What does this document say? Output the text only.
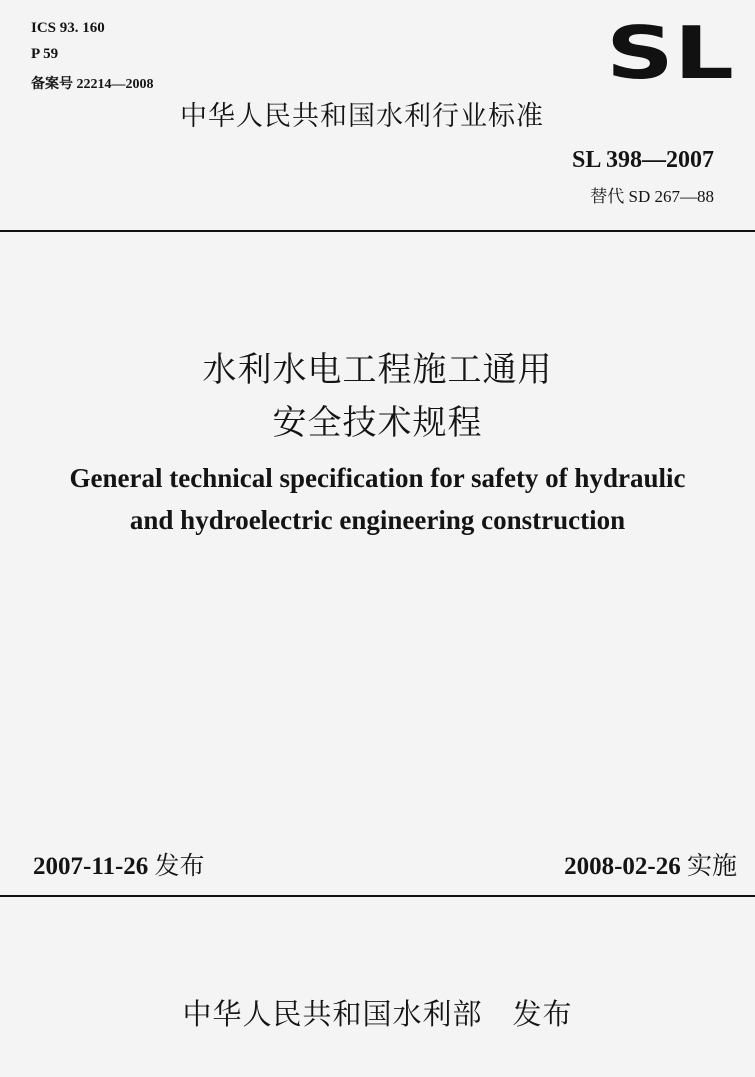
ICS 93. 160
P 59
备案号 22214—2008	SL
中华人民共和国水利行业标准
SL 398—2007
替代 SD 267—88
水利水电工程施工通用
安全技术规程
General technical specification for safety of hydraulic
and hydroelectric engineering construction
2007-11-26 发布	2008-02-26 实施
中华人民共和国水利部　发布
